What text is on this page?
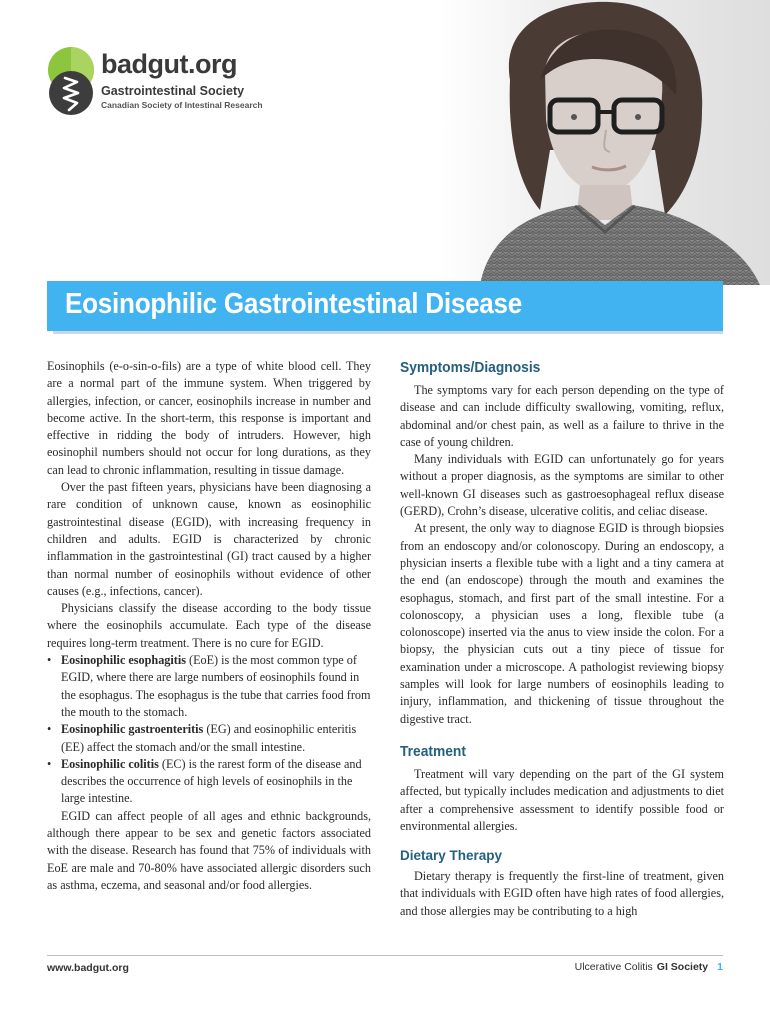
badgut.org
Gastrointestinal Society
Canadian Society of Intestinal Research
Eosinophilic Gastrointestinal Disease

Eosinophils (e-o-sin-o-fils) are a type of white blood cell. They are a normal part of the immune system. When triggered by allergies, infection, or cancer, eosinophils increase in number and become active. In the short-term, this response is important and effective in ridding the body of intruders. However, high eosinophil numbers should not occur for long durations, as they can lead to chronic inflammation, resulting in tissue damage.

Over the past fifteen years, physicians have been diagnosing a rare condition of unknown cause, known as eosinophilic gastrointestinal disease (EGID), with increasing frequency in children and adults. EGID is characterized by chronic inflammation in the gastrointestinal (GI) tract caused by a higher than normal number of eosinophils without evidence of other causes (e.g., infections, cancer).

Physicians classify the disease according to the body tissue where the eosinophils accumulate. Each type of the disease requires long-term treatment. There is no cure for EGID.

• Eosinophilic esophagitis (EoE) is the most common type of EGID, where there are large numbers of eosinophils found in the esophagus. The esophagus is the tube that carries food from the mouth to the stomach.
• Eosinophilic gastroenteritis (EG) and eosinophilic enteritis (EE) affect the stomach and/or the small intestine.
• Eosinophilic colitis (EC) is the rarest form of the disease and describes the occurrence of high levels of eosinophils in the large intestine.

EGID can affect people of all ages and ethnic backgrounds, although there appear to be sex and genetic factors associated with the disease. Research has found that 75% of individuals with EoE are male and 70-80% have associated allergic disorders such as asthma, eczema, and seasonal and/or food allergies.

Symptoms/Diagnosis

The symptoms vary for each person depending on the type of disease and can include difficulty swallowing, vomiting, reflux, abdominal and/or chest pain, as well as a failure to thrive in the case of young children.

Many individuals with EGID can unfortunately go for years without a proper diagnosis, as the symptoms are similar to other well-known GI diseases such as gastroesophageal reflux disease (GERD), Crohn’s disease, ulcerative colitis, and celiac disease.

At present, the only way to diagnose EGID is through biopsies from an endoscopy and/or colonoscopy. During an endoscopy, a physician inserts a flexible tube with a light and a tiny camera at the end (an endoscope) through the mouth and examines the esophagus, stomach, and first part of the small intestine. For a colonoscopy, a physician uses a long, flexible tube (a colonoscope) inserted via the anus to view inside the colon. For a biopsy, the physician cuts out a tiny piece of tissue for examination under a microscope. A pathologist reviewing biopsy samples will look for large numbers of eosinophils leading to injury, inflammation, and thickening of tissue throughout the digestive tract.

Treatment

Treatment will vary depending on the part of the GI system affected, but typically includes medication and adjustments to diet after a comprehensive assessment to identify possible food or environmental allergies.

Dietary Therapy

Dietary therapy is frequently the first-line of treatment, given that individuals with EGID often have high rates of food allergies, and those allergies may be contributing to a high

www.badgut.org	Ulcerative Colitis GI Society 1
